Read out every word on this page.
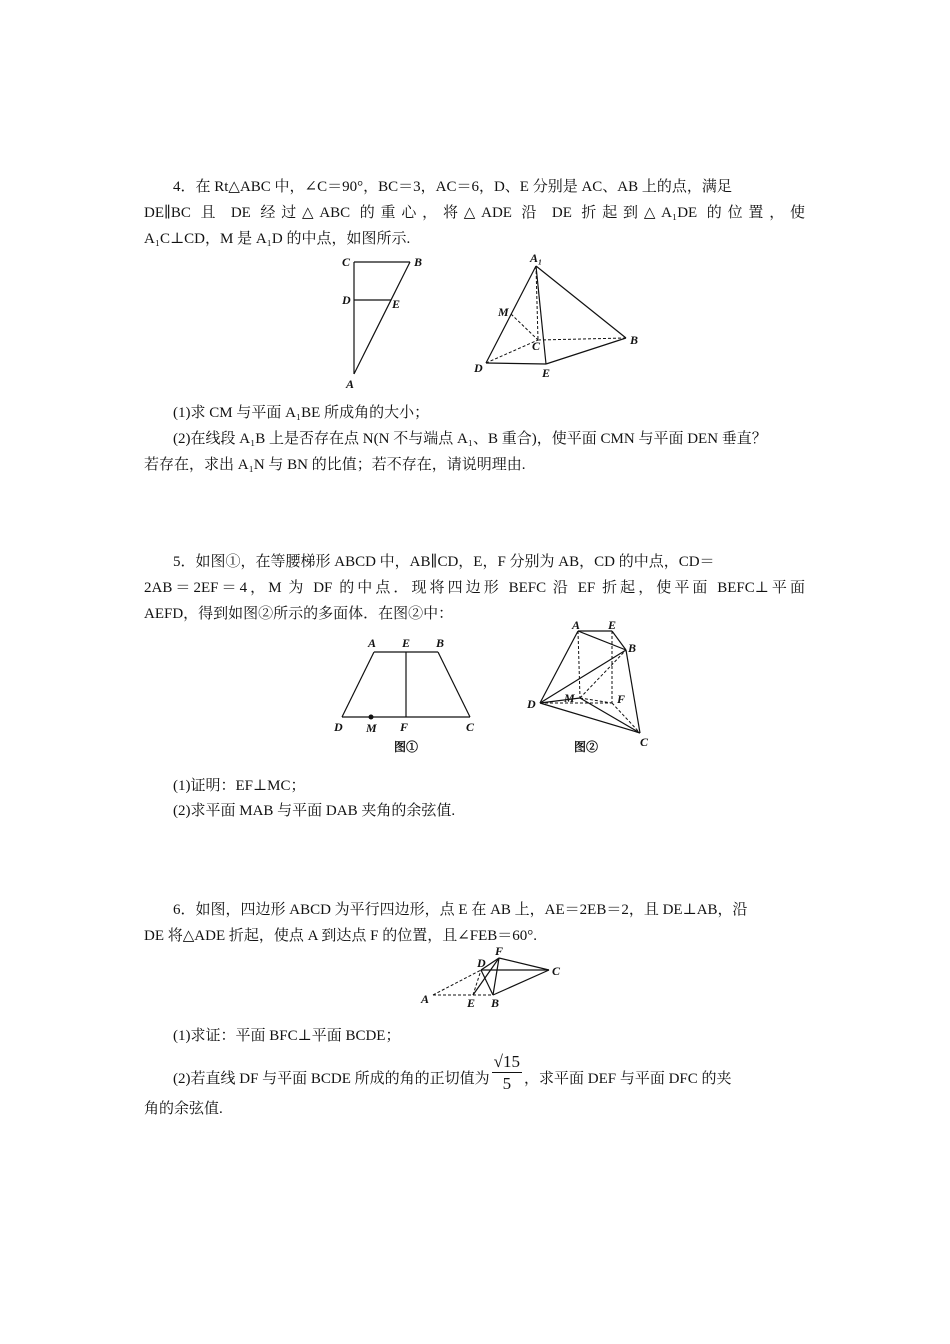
4．在 Rt△ABC 中，∠C＝90°，BC＝3，AC＝6，D、E 分别是 AC、AB 上的点，满足
DE∥BC 且 DE 经过△ABC 的重心，将△ADE 沿 DE 折起到△A₁DE 的位置，使
A₁C⊥CD，M 是 A₁D 的中点，如图所示.
C	B
D	E
A
A₁
M
C	B
D	E
(1)求 CM 与平面 A₁BE 所成角的大小；
(2)在线段 A₁B 上是否存在点 N(N 不与端点 A₁、B 重合)，使平面 CMN 与平面 DEN 垂直？
若存在，求出 A₁N 与 BN 的比值；若不存在，请说明理由.
5．如图①，在等腰梯形 ABCD 中，AB∥CD，E，F 分别为 AB，CD 的中点，CD＝
2AB＝2EF＝4，M 为 DF 的中点．现将四边形 BEFC 沿 EF 折起，使平面 BEFC⊥平面
AEFD，得到如图②所示的多面体．在图②中：
A E B
D M F	C
图①
A E
B
M	F
D
C
图②
(1)证明：EF⊥MC；
(2)求平面 MAB 与平面 DAB 夹角的余弦值.
6．如图，四边形 ABCD 为平行四边形，点 E 在 AB 上，AE＝2EB＝2，且 DE⊥AB，沿
DE 将△ADE 折起，使点 A 到达点 F 的位置，且∠FEB＝60°.
F
D
C
A	E B
(1)求证：平面 BFC⊥平面 BCDE；
(2)若直线 DF 与平面 BCDE 所成的角的正切值为 $\frac{√15}{5}$ ，求平面 DEF 与平面 DFC 的夹
角的余弦值.
